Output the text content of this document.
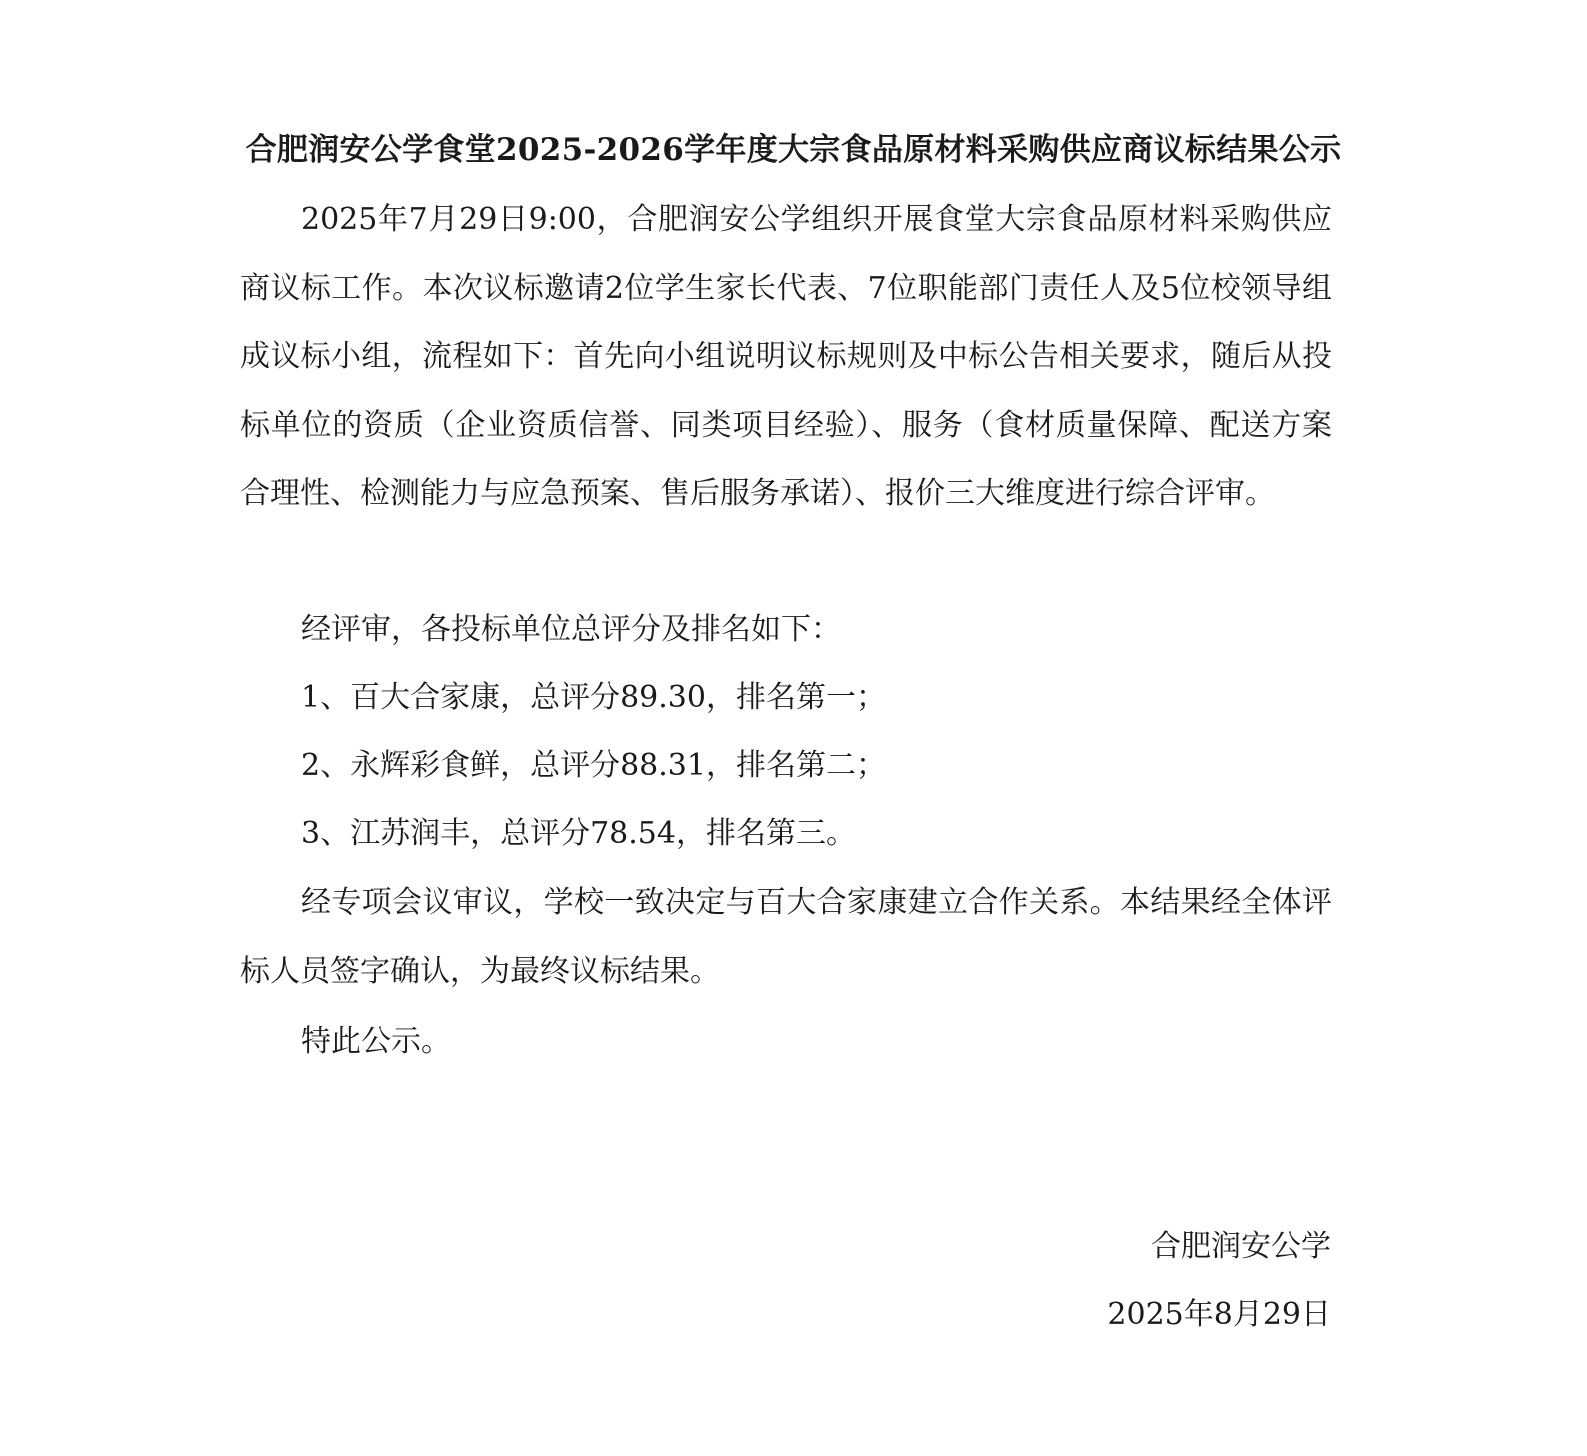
合肥润安公学食堂2025-2026学年度大宗食品原材料采购供应商议标结果公示
2025年7月29日9:00，合肥润安公学组织开展食堂大宗食品原材料采购供应商议标工作。本次议标邀请2位学生家长代表、7位职能部门责任人及5位校领导组成议标小组，流程如下：首先向小组说明议标规则及中标公告相关要求，随后从投标单位的资质（企业资质信誉、同类项目经验）、服务（食材质量保障、配送方案合理性、检测能力与应急预案、售后服务承诺）、报价三大维度进行综合评审。
经评审，各投标单位总评分及排名如下：
1、百大合家康，总评分89.30，排名第一；
2、永辉彩食鲜，总评分88.31，排名第二；
3、江苏润丰，总评分78.54，排名第三。
经专项会议审议，学校一致决定与百大合家康建立合作关系。本结果经全体评标人员签字确认，为最终议标结果。
特此公示。
合肥润安公学
2025年8月29日
